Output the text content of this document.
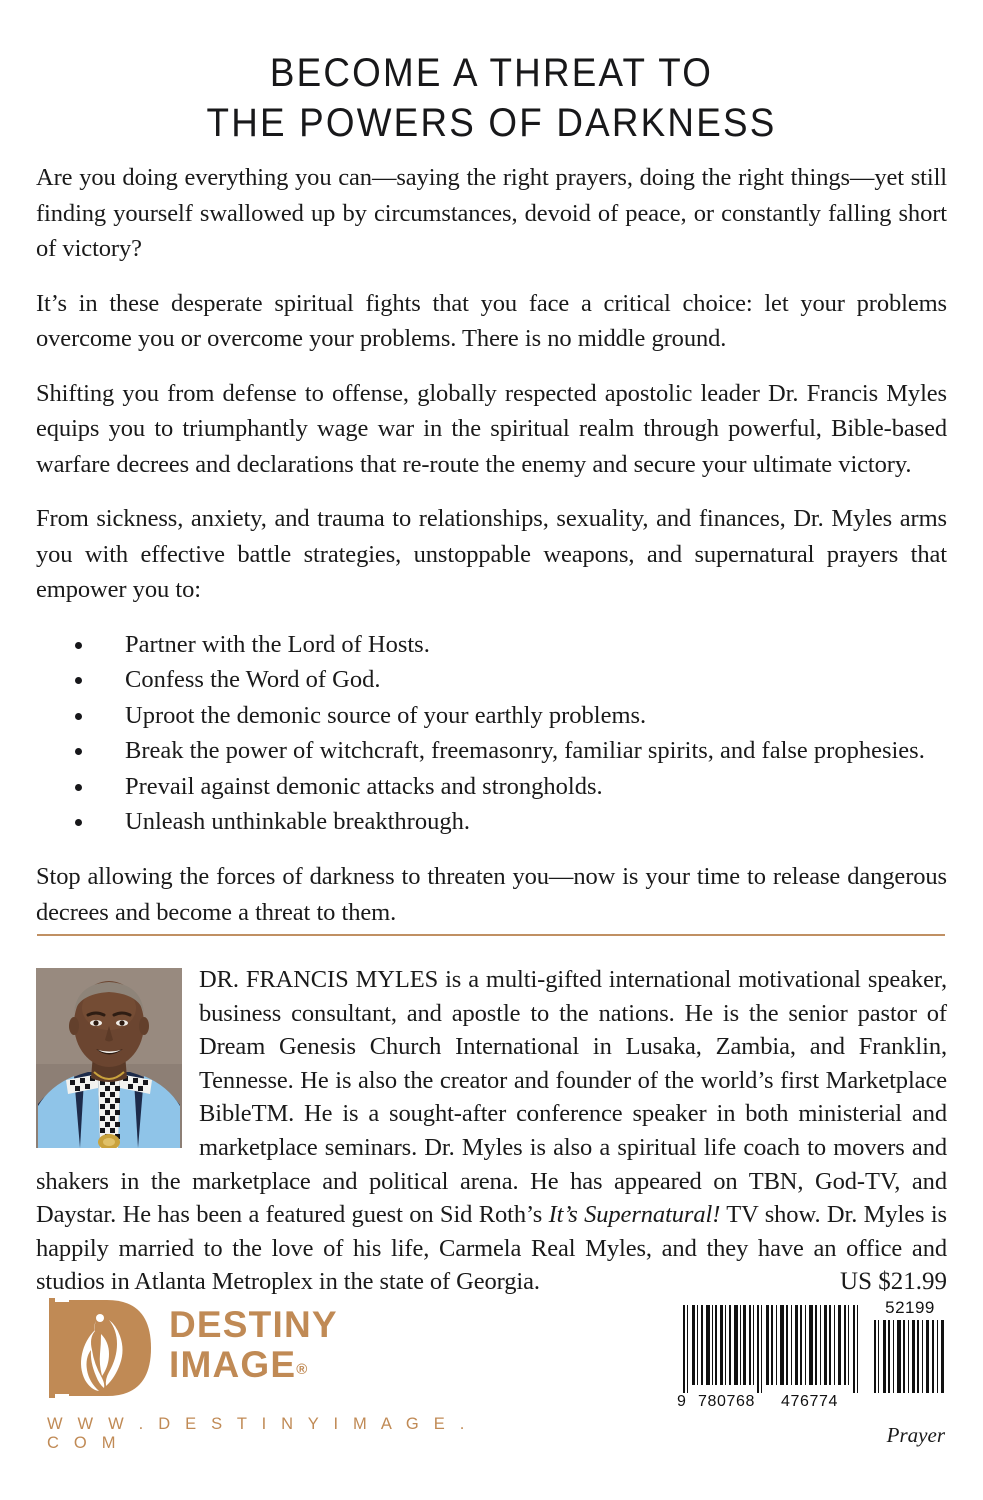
BECOME A THREAT TO
THE POWERS OF DARKNESS

Are you doing everything you can—saying the right prayers, doing the right things—yet still finding yourself swallowed up by circumstances, devoid of peace, or constantly falling short of victory?

It’s in these desperate spiritual fights that you face a critical choice: let your problems overcome you or overcome your problems. There is no middle ground.

Shifting you from defense to offense, globally respected apostolic leader Dr. Francis Myles equips you to triumphantly wage war in the spiritual realm through powerful, Bible-based warfare decrees and declarations that re-route the enemy and secure your ultimate victory.

From sickness, anxiety, and trauma to relationships, sexuality, and finances, Dr. Myles arms you with effective battle strategies, unstoppable weapons, and supernatural prayers that empower you to:

Partner with the Lord of Hosts.
Confess the Word of God.
Uproot the demonic source of your earthly problems.
Break the power of witchcraft, freemasonry, familiar spirits, and false prophesies.
Prevail against demonic attacks and strongholds.
Unleash unthinkable breakthrough.

Stop allowing the forces of darkness to threaten you—now is your time to release dangerous decrees and become a threat to them.

DR. FRANCIS MYLES is a multi-gifted international motivational speaker, business consultant, and apostle to the nations. He is the senior pastor of Dream Genesis Church International in Lusaka, Zambia, and Franklin, Tennesse. He is also the creator and founder of the world’s first Marketplace BibleTM. He is a sought-after conference speaker in both ministerial and marketplace seminars. Dr. Myles is also a spiritual life coach to movers and shakers in the marketplace and political arena. He has appeared on TBN, God-TV, and Daystar. He has been a featured guest on Sid Roth’s It’s Supernatural! TV show. Dr. Myles is happily married to the love of his life, Carmela Real Myles, and they have an office and studios in Atlanta Metroplex in the state of Georgia.

DESTINY
IMAGE®
W W W . D E S T I N Y I M A G E . C O M
US $21.99
9 780768 476774
52199
Prayer
